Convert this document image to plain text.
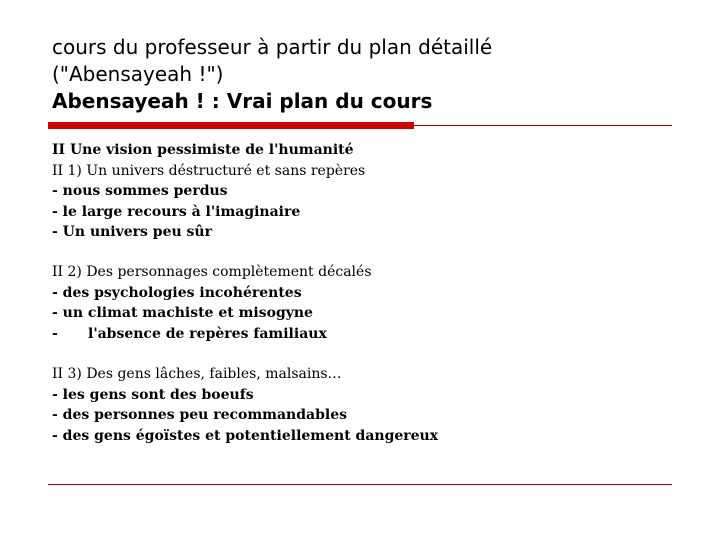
cours du professeur à partir du plan détaillé
("Abensayeah !")
Abensayeah ! : Vrai plan du cours
II Une vision pessimiste de l'humanité
II 1) Un univers déstructuré et sans repères
- nous sommes perdus
- le large recours à l'imaginaire
- Un univers peu sûr
II 2) Des personnages complètement décalés
- des psychologies incohérentes
- un climat machiste et misogyne
- l'absence de repères familiaux
II 3) Des gens lâches, faibles, malsains…
- les gens sont des boeufs
- des personnes peu recommandables
- des gens égoïstes et potentiellement dangereux
